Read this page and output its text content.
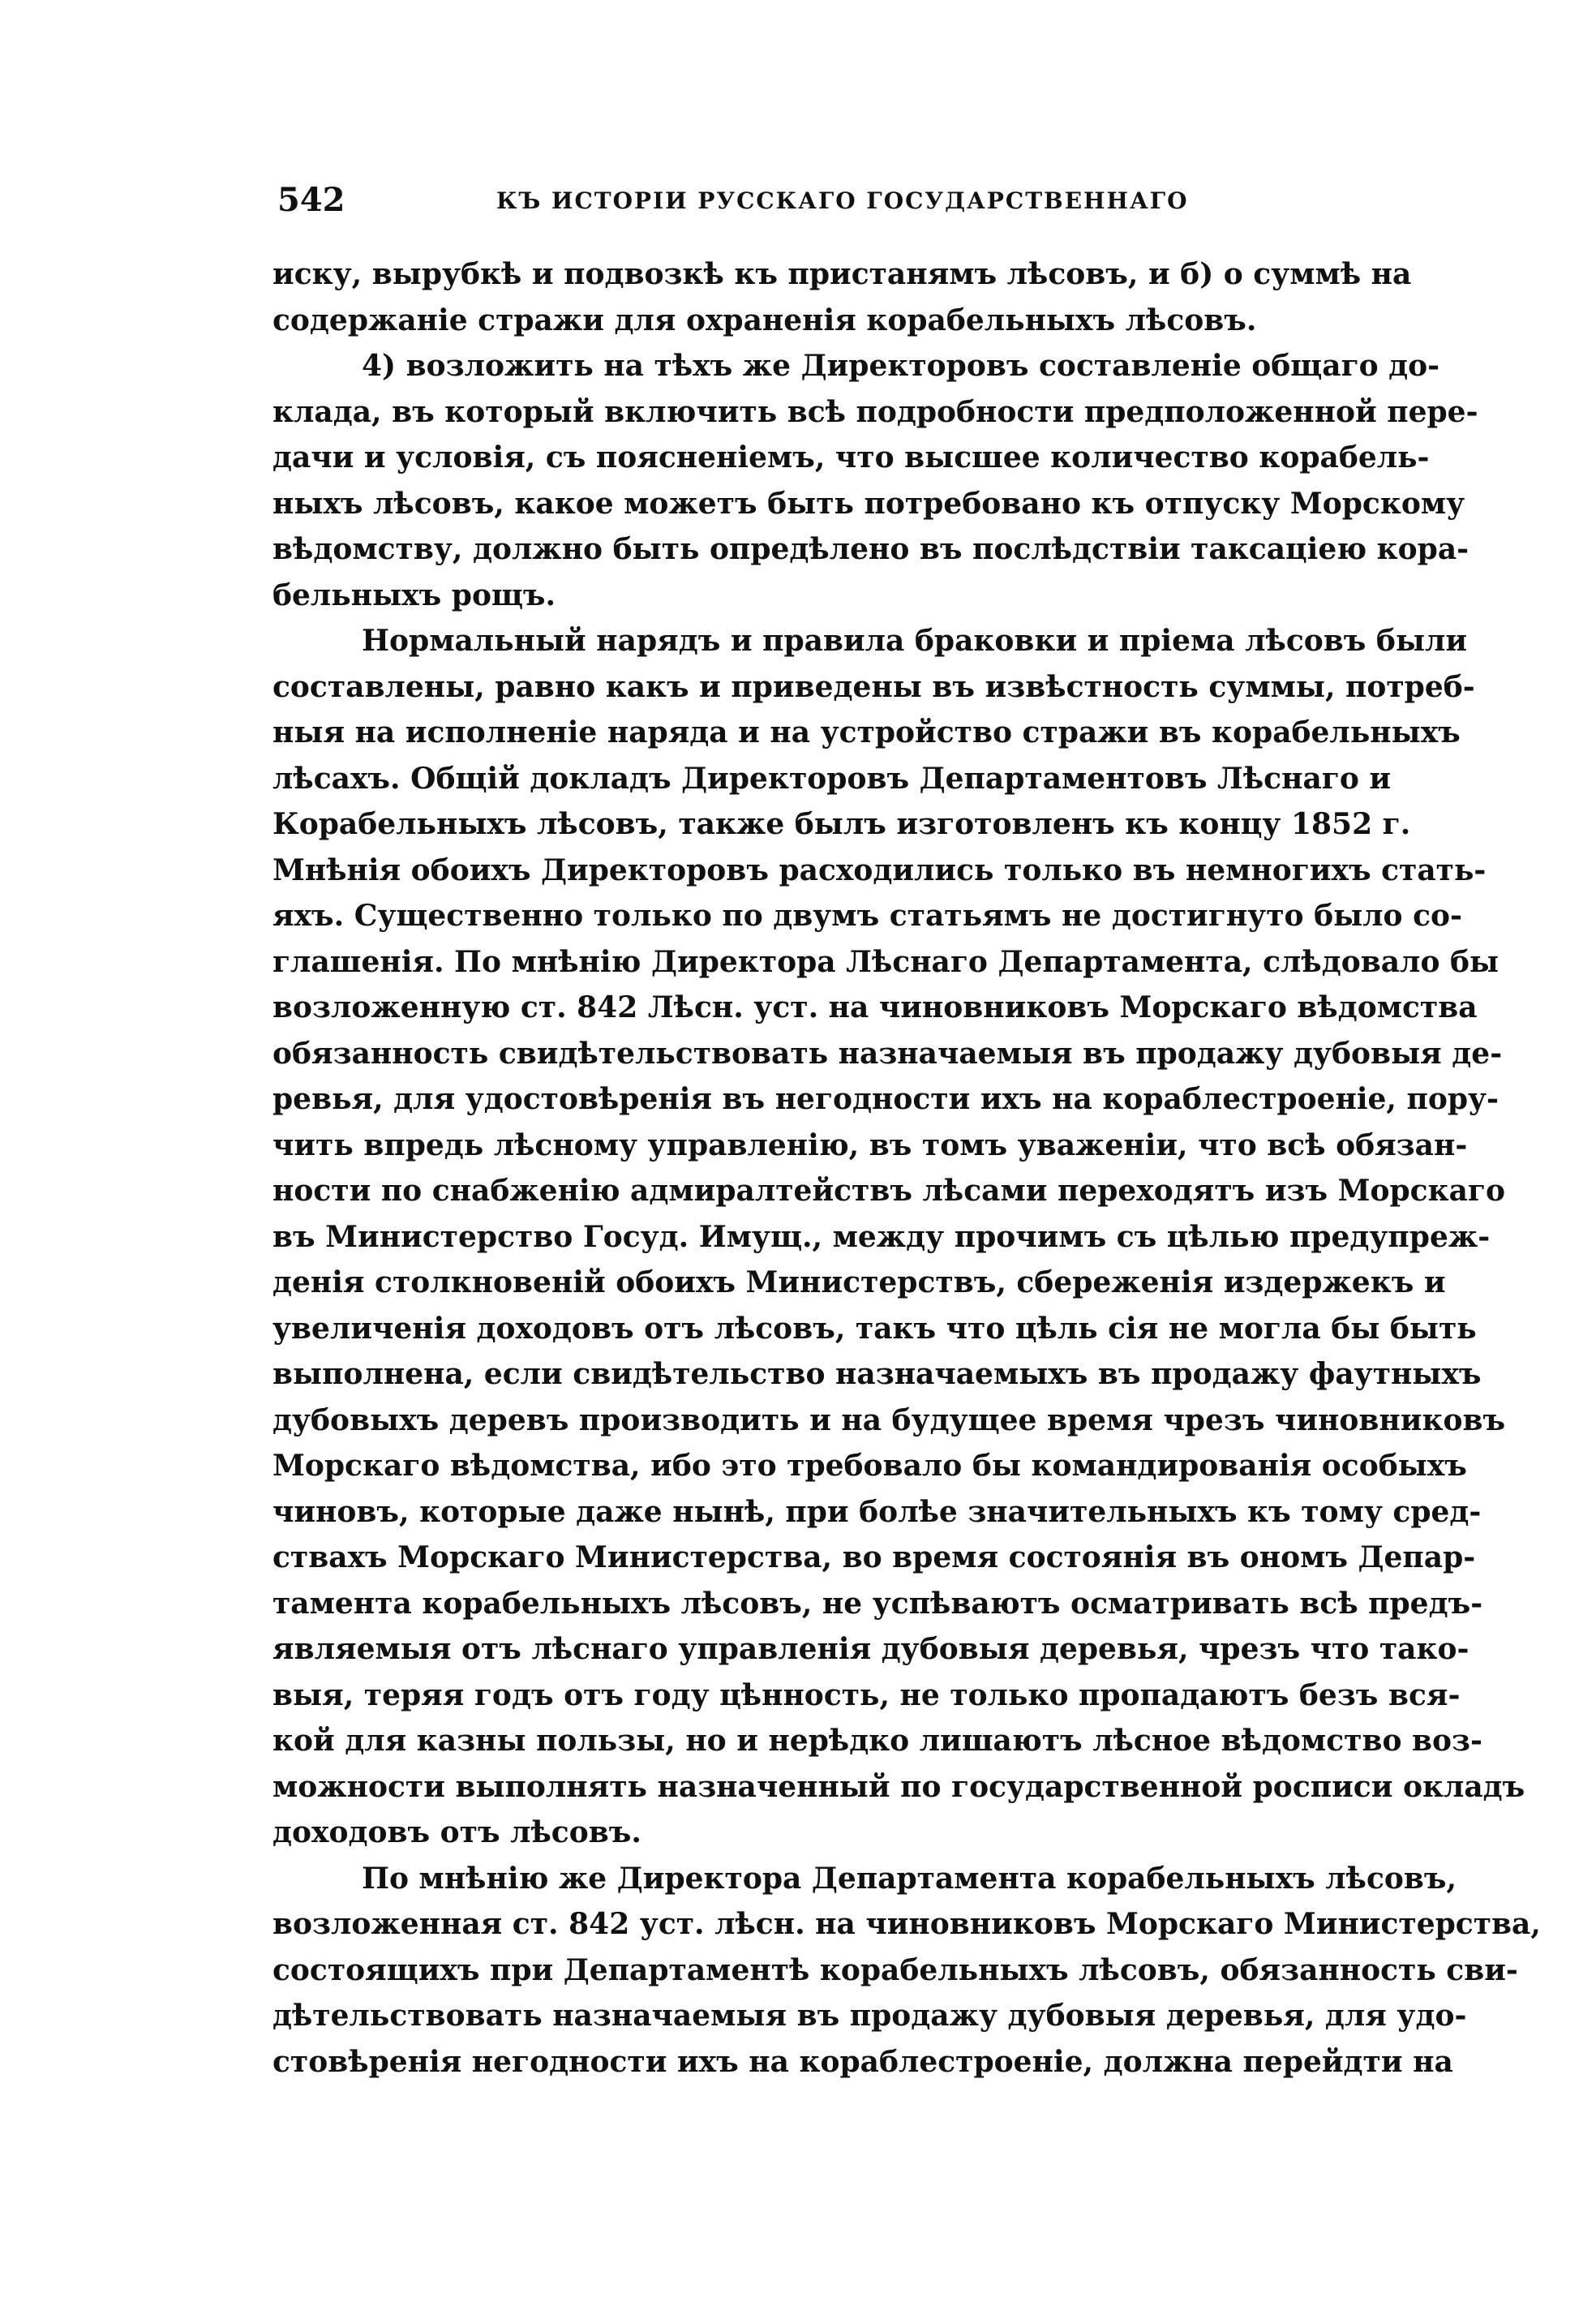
542	КЪ ИСТОРІИ РУССКАГО ГОСУДАРСТВЕННАГО
иску, вырубкѣ и подвозкѣ къ пристанямъ лѣсовъ, и б) о суммѣ на
содержаніе стражи для охраненія корабельныхъ лѣсовъ.
4) возложить на тѣхъ же Директоровъ составленіе общаго до-
клада, въ который включить всѣ подробности предположенной пере-
дачи и условія, съ поясненіемъ, что высшее количество корабель-
ныхъ лѣсовъ, какое можетъ быть потребовано къ отпуску Морскому
вѣдомству, должно быть опредѣлено въ послѣдствіи таксаціею кора-
бельныхъ рощъ.
Нормальный нарядъ и правила браковки и пріема лѣсовъ были
составлены, равно какъ и приведены въ извѣстность суммы, потреб-
ныя на исполненіе наряда и на устройство стражи въ корабельныхъ
лѣсахъ. Общій докладъ Директоровъ Департаментовъ Лѣснаго и
Корабельныхъ лѣсовъ, также былъ изготовленъ къ концу 1852 г.
Мнѣнія обоихъ Директоровъ расходились только въ немногихъ стать-
яхъ. Существенно только по двумъ статьямъ не достигнуто было со-
глашенія. По мнѣнію Директора Лѣснаго Департамента, слѣдовало бы
возложенную ст. 842 Лѣсн. уст. на чиновниковъ Морскаго вѣдомства
обязанность свидѣтельствовать назначаемыя въ продажу дубовыя де-
ревья, для удостовѣренія въ негодности ихъ на кораблестроеніе, пору-
чить впредь лѣсному управленію, въ томъ уваженіи, что всѣ обязан-
ности по снабженію адмиралтействъ лѣсами переходятъ изъ Морскаго
въ Министерство Госуд. Имущ., между прочимъ съ цѣлью предупреж-
денія столкновеній обоихъ Министерствъ, сбереженія издержекъ и
увеличенія доходовъ отъ лѣсовъ, такъ что цѣль сія не могла бы быть
выполнена, если свидѣтельство назначаемыхъ въ продажу фаутныхъ
дубовыхъ деревъ производить и на будущее время чрезъ чиновниковъ
Морскаго вѣдомства, ибо это требовало бы командированія особыхъ
чиновъ, которые даже нынѣ, при болѣе значительныхъ къ тому сред-
ствахъ Морскаго Министерства, во время состоянія въ ономъ Депар-
тамента корабельныхъ лѣсовъ, не успѣваютъ осматривать всѣ предъ-
являемыя отъ лѣснаго управленія дубовыя деревья, чрезъ что тако-
выя, теряя годъ отъ году цѣнность, не только пропадаютъ безъ вся-
кой для казны пользы, но и нерѣдко лишаютъ лѣсное вѣдомство воз-
можности выполнять назначенный по государственной росписи окладъ
доходовъ отъ лѣсовъ.
По мнѣнію же Директора Департамента корабельныхъ лѣсовъ,
возложенная ст. 842 уст. лѣсн. на чиновниковъ Морскаго Министерства,
состоящихъ при Департаментѣ корабельныхъ лѣсовъ, обязанность сви-
дѣтельствовать назначаемыя въ продажу дубовыя деревья, для удо-
стовѣренія негодности ихъ на кораблестроеніе, должна перейдти на
